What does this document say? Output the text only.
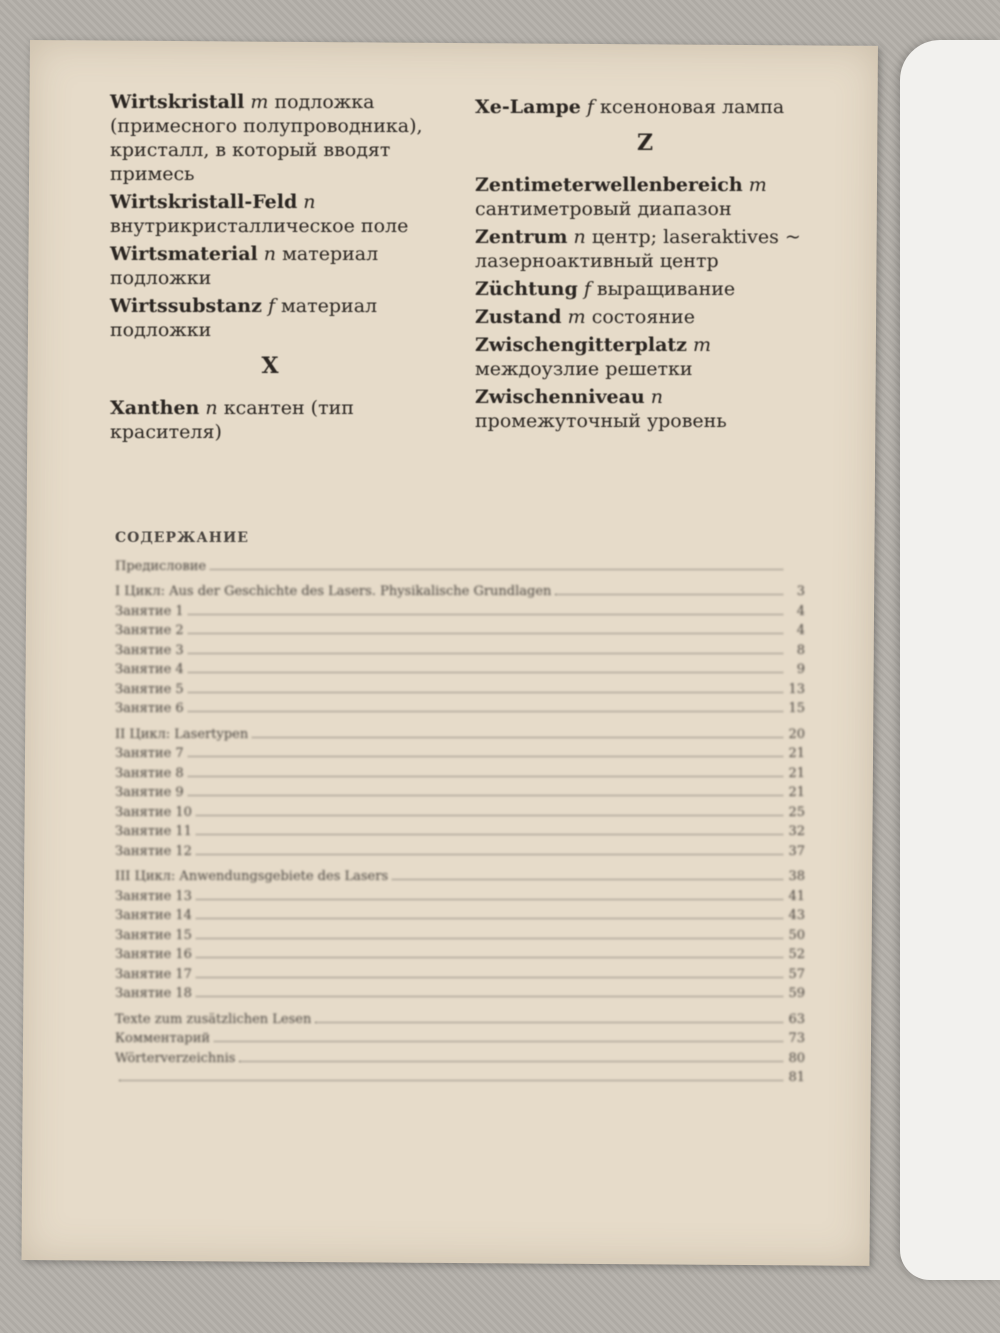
Wirtskristall m подложка (примесного полупроводника), кристалл, в который вводят примесь

Wirtskristall-Feld n внутрикристаллическое поле

Wirtsmaterial n материал подложки

Wirtssubstanz f материал подложки

X

Xanthen n ксантен (тип красителя)

Xe-Lampe f ксеноновая лампа

Z

Zentimeterwellenbereich m сантиметровый диапазон

Zentrum n центр; laseraktives ~ лазерноактивный центр

Züchtung f выращивание

Zustand m состояние

Zwischengitterplatz m междоузлие решетки

Zwischenniveau n промежуточный уровень

СОДЕРЖАНИЕ
Предисловие
I Цикл: Aus der Geschichte des Lasers. Physikalische Grundlagen	3
Занятие 1	4
Занятие 2	4
Занятие 3	8
Занятие 4	9
Занятие 5	13
Занятие 6	15
II Цикл: Lasertypen	20
Занятие 7	21
Занятие 8	21
Занятие 9	21
Занятие 10	25
Занятие 11	32
Занятие 12	37
III Цикл: Anwendungsgebiete des Lasers	38
Занятие 13	41
Занятие 14	43
Занятие 15	50
Занятие 16	52
Занятие 17	57
Занятие 18	59
Texte zum zusätzlichen Lesen	63
Комментарий	73
Wörterverzeichnis	80
81
